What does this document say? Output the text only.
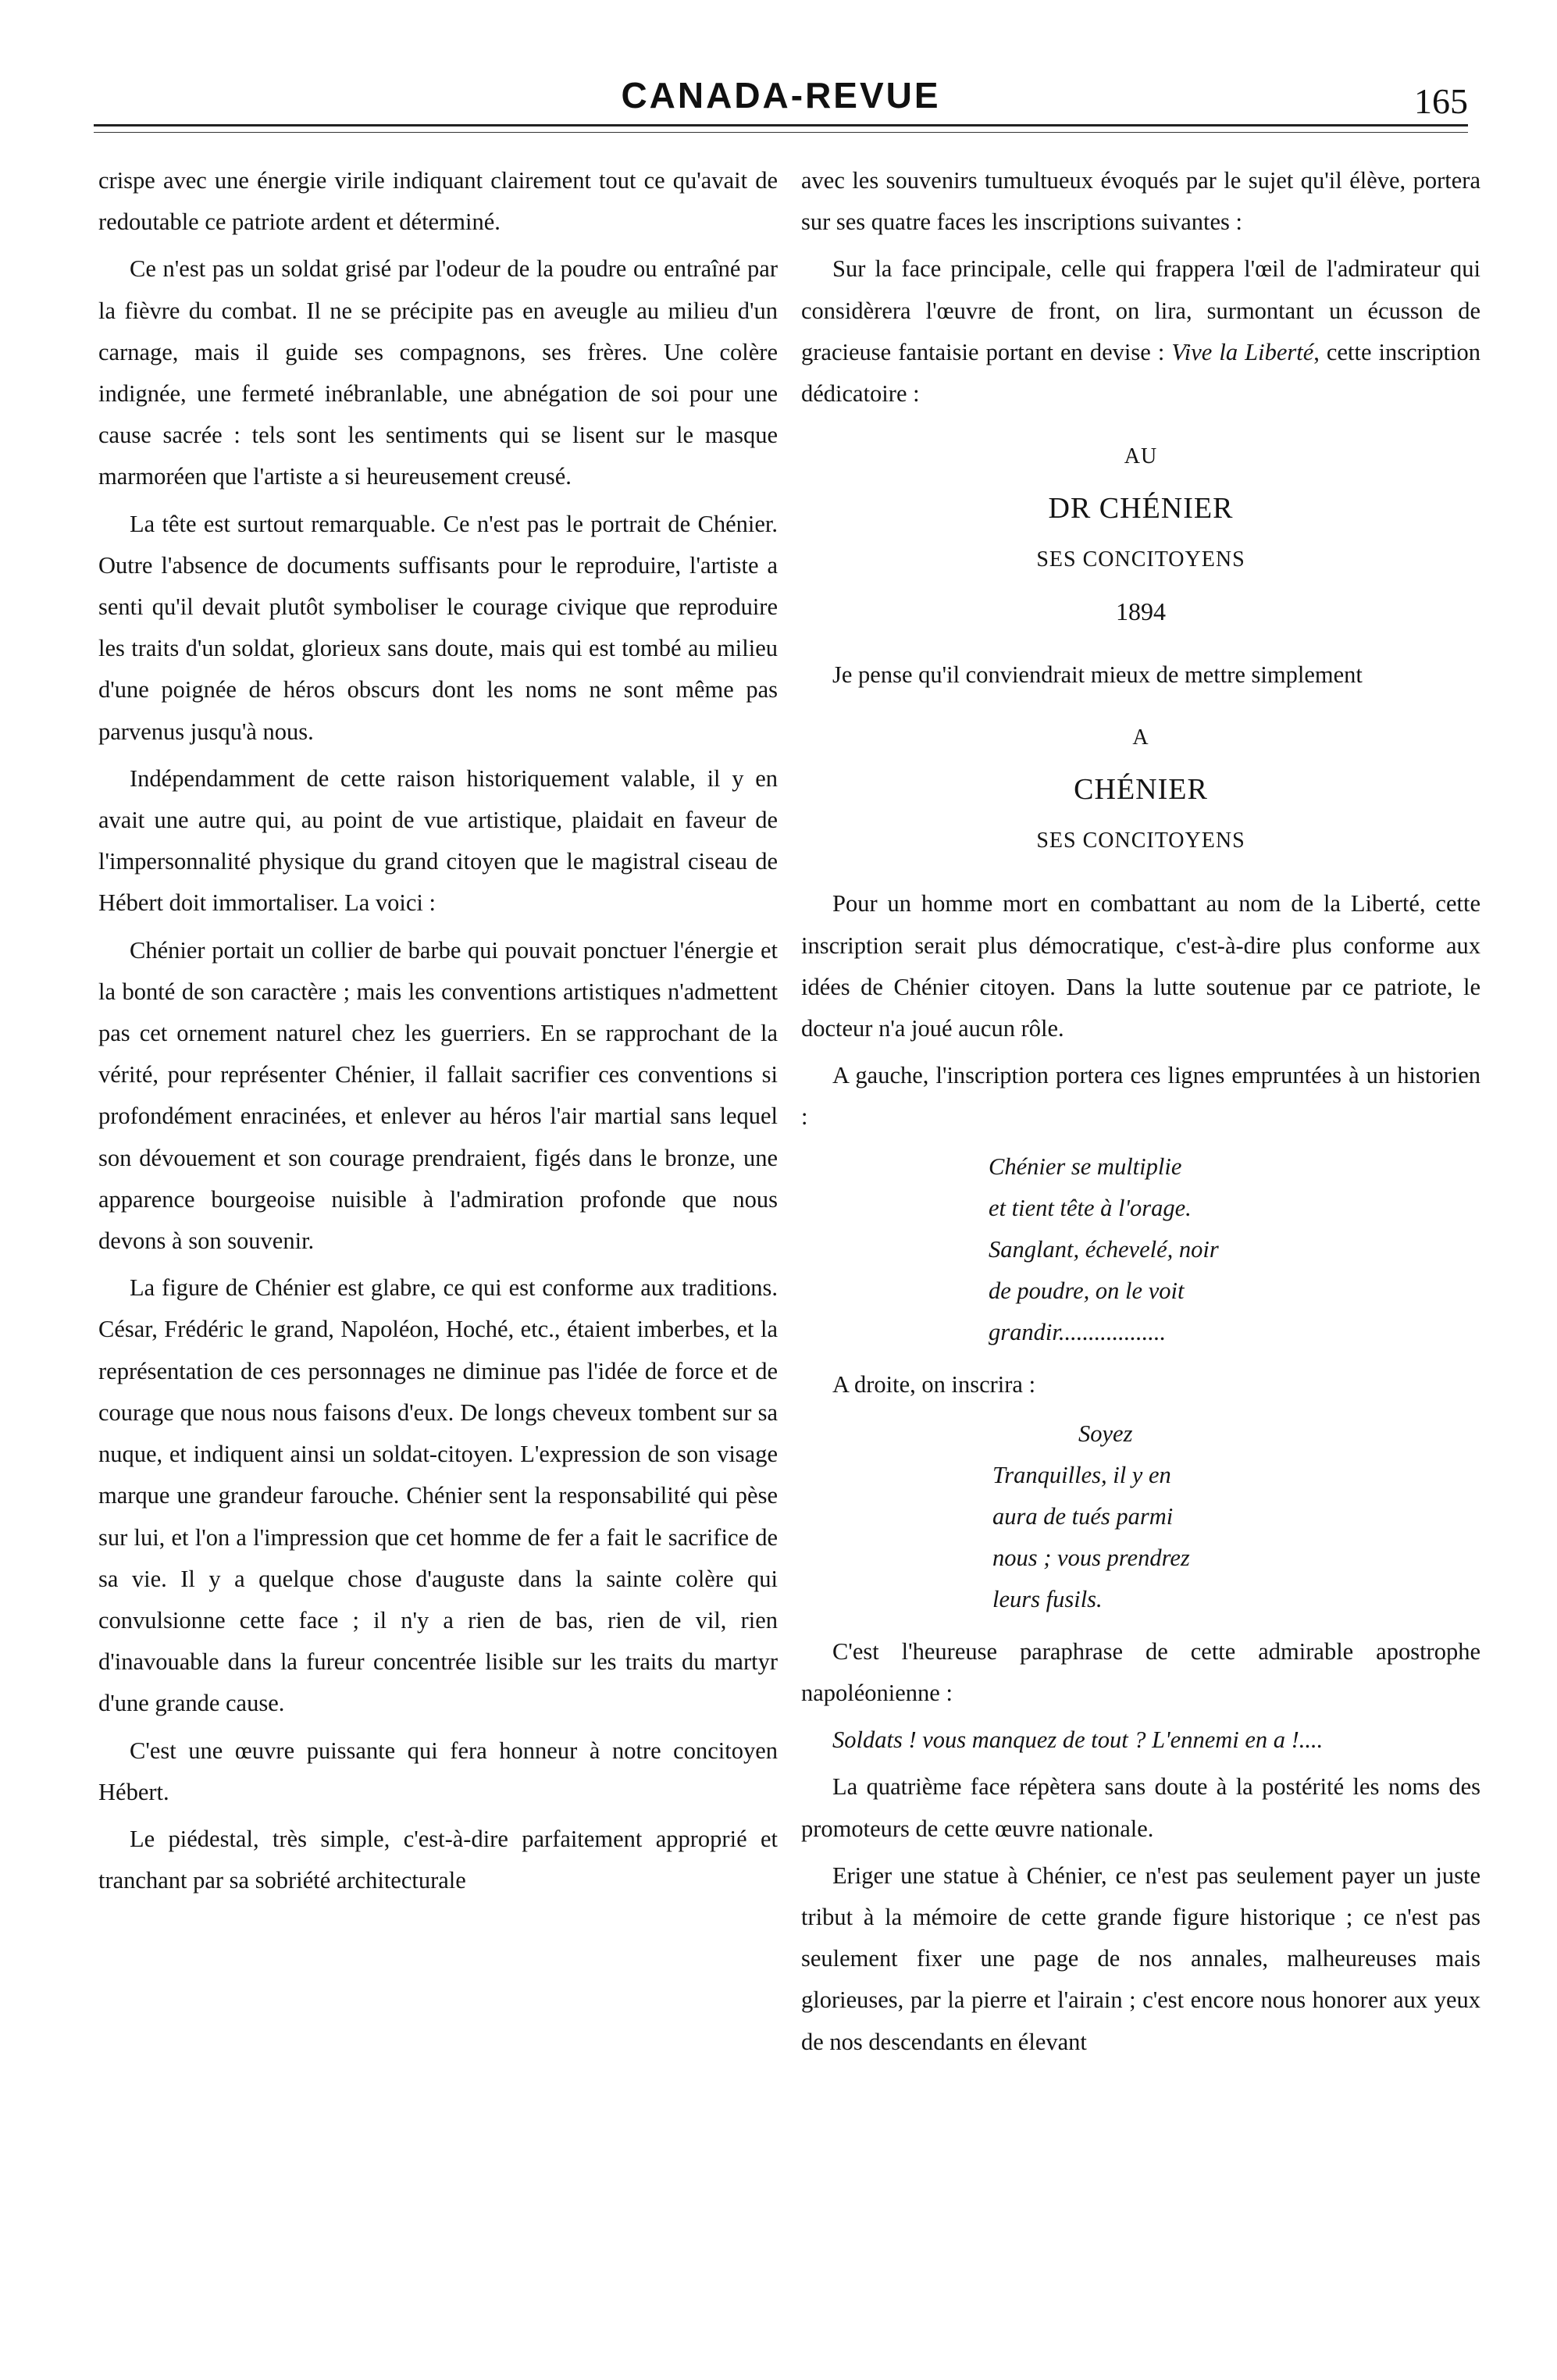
CANADA-REVUE	165

crispe avec une énergie virile indiquant clairement tout ce qu'avait de redoutable ce patriote ardent et déterminé.

Ce n'est pas un soldat grisé par l'odeur de la poudre ou entraîné par la fièvre du combat. Il ne se précipite pas en aveugle au milieu d'un carnage, mais il guide ses compagnons, ses frères. Une colère indignée, une fermeté inébranlable, une abnégation de soi pour une cause sacrée : tels sont les sentiments qui se lisent sur le masque marmoréen que l'artiste a si heureusement creusé.

La tête est surtout remarquable. Ce n'est pas le portrait de Chénier. Outre l'absence de documents suffisants pour le reproduire, l'artiste a senti qu'il devait plutôt symboliser le courage civique que reproduire les traits d'un soldat, glorieux sans doute, mais qui est tombé au milieu d'une poignée de héros obscurs dont les noms ne sont même pas parvenus jusqu'à nous.

Indépendamment de cette raison historiquement valable, il y en avait une autre qui, au point de vue artistique, plaidait en faveur de l'impersonnalité physique du grand citoyen que le magistral ciseau de Hébert doit immortaliser. La voici :

Chénier portait un collier de barbe qui pouvait ponctuer l'énergie et la bonté de son caractère ; mais les conventions artistiques n'admettent pas cet ornement naturel chez les guerriers. En se rapprochant de la vérité, pour représenter Chénier, il fallait sacrifier ces conventions si profondément enracinées, et enlever au héros l'air martial sans lequel son dévouement et son courage prendraient, figés dans le bronze, une apparence bourgeoise nuisible à l'admiration profonde que nous devons à son souvenir.

La figure de Chénier est glabre, ce qui est conforme aux traditions. César, Frédéric le grand, Napoléon, Hoché, etc., étaient imberbes, et la représentation de ces personnages ne diminue pas l'idée de force et de courage que nous nous faisons d'eux. De longs cheveux tombent sur sa nuque, et indiquent ainsi un soldat-citoyen. L'expression de son visage marque une grandeur farouche. Chénier sent la responsabilité qui pèse sur lui, et l'on a l'impression que cet homme de fer a fait le sacrifice de sa vie. Il y a quelque chose d'auguste dans la sainte colère qui convulsionne cette face ; il n'y a rien de bas, rien de vil, rien d'inavouable dans la fureur concentrée lisible sur les traits du martyr d'une grande cause.

C'est une œuvre puissante qui fera honneur à notre concitoyen Hébert.

Le piédestal, très simple, c'est-à-dire parfaitement approprié et tranchant par sa sobriété architecturale

avec les souvenirs tumultueux évoqués par le sujet qu'il élève, portera sur ses quatre faces les inscriptions suivantes :

Sur la face principale, celle qui frappera l'œil de l'admirateur qui considèrera l'œuvre de front, on lira, surmontant un écusson de gracieuse fantaisie portant en devise : Vive la Liberté, cette inscription dédicatoire :

AU

DR CHÉNIER

SES CONCITOYENS

1894

Je pense qu'il conviendrait mieux de mettre simplement

A

CHÉNIER

SES CONCITOYENS

Pour un homme mort en combattant au nom de la Liberté, cette inscription serait plus démocratique, c'est-à-dire plus conforme aux idées de Chénier citoyen. Dans la lutte soutenue par ce patriote, le docteur n'a joué aucun rôle.

A gauche, l'inscription portera ces lignes empruntées à un historien :

Chénier se multiplie
et tient tête à l'orage.
Sanglant, échevelé, noir
de poudre, on le voit
grandir..................

A droite, on inscrira :

Soyez
Tranquilles, il y en
aura de tués parmi
nous ; vous prendrez
leurs fusils.

C'est l'heureuse paraphrase de cette admirable apostrophe napoléonienne :

Soldats ! vous manquez de tout ? L'ennemi en a !....

La quatrième face répètera sans doute à la postérité les noms des promoteurs de cette œuvre nationale.

Eriger une statue à Chénier, ce n'est pas seulement payer un juste tribut à la mémoire de cette grande figure historique ; ce n'est pas seulement fixer une page de nos annales, malheureuses mais glorieuses, par la pierre et l'airain ; c'est encore nous honorer aux yeux de nos descendants en élevant
